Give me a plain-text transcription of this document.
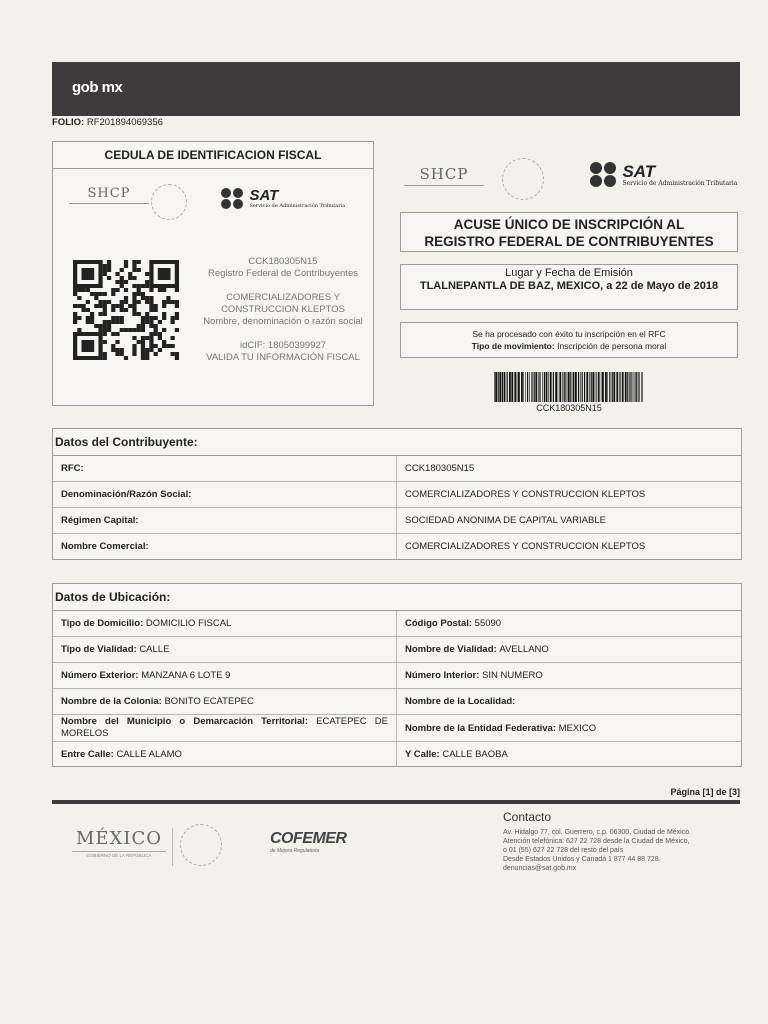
gob mx
FOLIO: RF201894069356
CEDULA DE IDENTIFICACION FISCAL
SHCP

	SAT
Servicio de Administración Tributaria

CCK180305N15
Registro Federal de Contribuyentes

COMERCIALIZADORES Y CONSTRUCCION KLEPTOS
Nombre, denominación o razón social

idCIF: 18050399927
VALIDA TU INFORMACIÓN FISCAL

SHCP

	SAT
Servicio de Administración Tributaria
ACUSE ÚNICO DE INSCRIPCIÓN AL
REGISTRO FEDERAL DE CONTRIBUYENTES
Lugar y Fecha de Emisión
TLALNEPANTLA DE BAZ, MEXICO, a 22 de Mayo de 2018
Se ha procesado con éxito tu inscripción en el RFC
Tipo de movimiento: Inscripción de persona moral
CCK180305N15
Datos del Contribuyente:
RFC:	CCK180305N15
Denominación/Razón Social:	COMERCIALIZADORES Y CONSTRUCCION KLEPTOS
Régimen Capital:	SOCIEDAD ANONIMA DE CAPITAL VARIABLE
Nombre Comercial:	COMERCIALIZADORES Y CONSTRUCCION KLEPTOS
Datos de Ubicación:
Tipo de Domicilio:
DOMICILIO FISCAL	Código Postal:
55090
Tipo de Vialidad:
CALLE	Nombre de Vialidad:
AVELLANO
Número Exterior:
MANZANA 6 LOTE 9	Número Interior:
SIN NUMERO
Nombre de la Colonia:
BONITO ECATEPEC	Nombre de la Localidad:

Nombre del Municipio o Demarcación Territorial: ECATEPEC DE MORELOS	Nombre de la Entidad Federativa:
MEXICO
Entre Calle:
CALLE ALAMO	Y Calle:
CALLE BAOBA
Página [1] de [3]
MÉXICO
GOBIERNO DE LA REPÚBLICA
COFEMER
de Mejora Regulatoria
Contacto
Av. Hidalgo 77, col. Guerrero, c.p. 06300, Ciudad de México.
Atención telefónica: 627 22 728 desde la Ciudad de México,
o 01 (55) 627 22 728 del resto del país
Desde Estados Unidos y Canadá 1 877 44 88 728.
denuncias@sat.gob.mx
